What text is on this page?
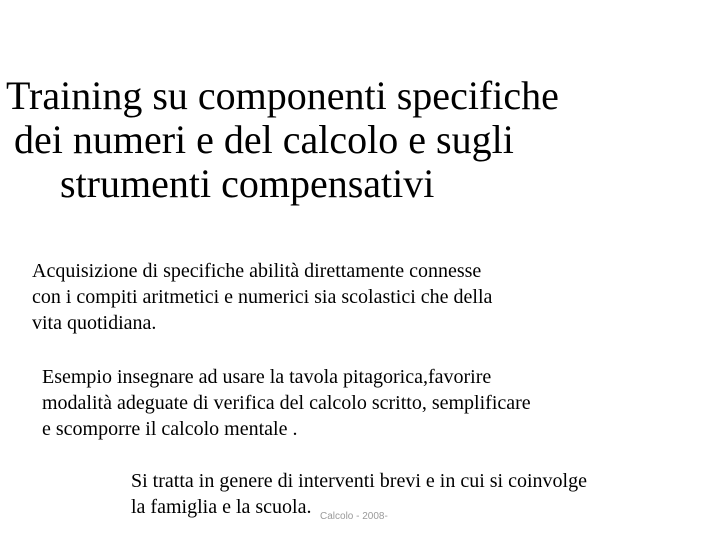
Training su componenti specifiche
dei numeri e del calcolo e sugli
strumenti compensativi
Acquisizione di specifiche abilità direttamente connesse
con i compiti aritmetici e numerici sia scolastici che della
vita quotidiana.
Esempio insegnare ad usare la tavola pitagorica,favorire
modalità adeguate di verifica del calcolo scritto, semplificare
e scomporre il calcolo mentale .
Si tratta in genere di interventi brevi e in cui si coinvolge
la famiglia e la scuola. Calcolo - 2008-
